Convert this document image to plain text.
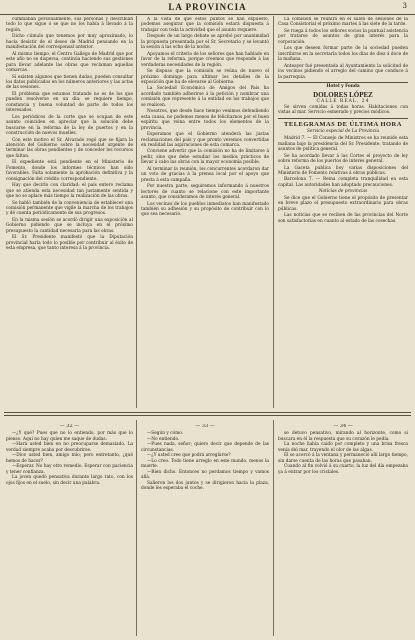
LA PROVINCIA	3

cumbiaban personalmente, sus personas y describían todo lo que sigue ó se que no los había á llevado á la región.

Dicho cúmulo que tenemos por muy aproximado, lo hacía desistir de el deseo de Madrid pensando en la manifestación del corresponsal anterior.

Al mismo tiempo, el Centro Gallego de Madrid que por este año no se dispersa, continúa haciendo sus gestiones para llevar adelante las obras que reclaman aquellas comarcas.

Si existen algunos que tienen dudas, pueden consultar los datos publicados en los números anteriores y las actas de las sesiones.

El problema que estamos tratando no es de los que pueden resolverse en un día; se requiere tiempo, constancia y buena voluntad de parte de todos los interesados.

Los periódicos de la corte que se ocupan de este asunto coinciden en apreciar que la solución debe buscarse en la reforma de la ley de puertos y en la construcción de nuevos muelles.

Con este motivo el Sr. Alvarado rogó que se fijara la atención del Gobierno sobre la necesidad urgente de terminar las obras pendientes y de conceder los recursos que faltan.

El expediente está pendiente en el Ministerio de Fomento, donde los informes técnicos han sido favorables. Falta solamente la aprobación definitiva y la consignación del crédito correspondiente.

Hay que decirlo con claridad: el país entero reclama que se atienda esta necesidad tan justamente sentida y que no se aplace más tiempo la realización de las obras.

Se habló también de la conveniencia de establecer una comisión permanente que vigile la marcha de los trabajos y dé cuenta periódicamente de sus progresos.

En la misma sesión se acordó dirigir una exposición al Gobierno pidiendo que se incluya en el próximo presupuesto la cantidad necesaria para las obras.

El Sr. Presidente manifestó que la Diputación provincial haría todo lo posible por contribuir al éxito de esta empresa, que tanto interesa á la provincia.

Á la vista de que estos puntos se han expuesto, podemos asegurar que la comisión estará dispuesta á trabajar con toda la actividad que el asunto requiere.

Después de un largo debate se aprobó por unanimidad la propuesta presentada por el Sr. Secretario y se levantó la sesión á las ocho de la noche.

Apoyamos el criterio de los señores que han hablado en favor de la reforma, porque creemos que responde á las verdaderas necesidades de la región.

Se dispuso que la comisión se reúna de nuevo el próximo domingo para ultimar los detalles de la exposición que ha de elevarse al Gobierno.

La Sociedad Económica de Amigos del País ha acordado también adherirse á la petición y nombrar una comisión que represente á la entidad en los trabajos que se realicen.

Nosotros, que desde hace tiempo venimos defendiendo esta causa, no podemos menos de felicitarnos por el buen espíritu que reina entre todos los elementos de la provincia.

Esperamos que el Gobierno atenderá las justas reclamaciones del país y que pronto veremos convertidas en realidad las aspiraciones de esta comarca.

Conviene advertir que la comisión no ha de limitarse á pedir, sino que debe estudiar los medios prácticos de llevar á cabo las obras con la mayor economía posible.

Al terminar la reunión, los concurrentes acordaron dar un voto de gracias á la prensa local por el apoyo que presta á esta campaña.

Por nuestra parte, seguiremos informando á nuestros lectores de cuanto se relacione con este importante asunto, que consideramos de interés general.

Los vecinos de los pueblos inmediatos han manifestado también su adhesión y su propósito de contribuir con lo que sea necesario.

La comisión se reunirá en el salón de sesiones de la Casa Consistorial el próximo martes á las siete de la tarde.

Se ruega á todos los señores socios la puntual asistencia por tratarse de asuntos de gran interés para la corporación.

Los que deseen formar parte de la sociedad pueden inscribirse en la secretaría todos los días de diez á doce de la mañana.

Anteayer fué presentada al Ayuntamiento la solicitud de los vecinos pidiendo el arreglo del camino que conduce á la parroquia.

Hotel y Fonda
DOLORES LÓPEZ
CALLE REAL, 24

Se sirven comidas á todas horas. Habitaciones con vistas al mar. Servicio esmerado y precios módicos.

TELEGRAMAS DE ÚLTIMA HORA
Servicio especial de La Provincia

Madrid 7. — El Consejo de Ministros se ha reunido esta mañana bajo la presidencia del Sr. Presidente, tratando de asuntos de política general.

Se ha acordado llevar á las Cortes el proyecto de ley sobre reforma de los puertos de interés general.

La Gaceta publica hoy varias disposiciones del Ministerio de Fomento relativas á obras públicas.

Barcelona 7. — Reina completa tranquilidad en esta capital. Las autoridades han adoptado precauciones.

Noticias de provincias

Se dice que el Gobierno tiene el propósito de presentar en breve plazo el presupuesto extraordinario para obras públicas.

Las noticias que se reciben de las provincias del Norte son satisfactorias en cuanto al estado de las cosechas.

— 32 —

—¿Y qué? Pues que no lo entiendo, por más que lo pienso. Aquí no hay quien me saque de dudas.

—Hará usted bien en no preocuparse demasiado. La verdad siempre acaba por descubrirse.

—Dice usted bien, amigo mío; pero entretanto, ¿qué hemos de hacer?

—Esperar. No hay otro remedio. Esperar con paciencia y tener confianza.

La joven quedó pensativa durante largo rato, con los ojos fijos en el suelo, sin decir una palabra.

— 33 —

—Según y cómo.

—No entiendo.

—Pues nada, señor; quiero decir que depende de las circunstancias.

—¿Y usted cree que podrá arreglarse?

—Lo creo. Todo tiene arreglo en este mundo, menos la muerte.

—Bien dicho. Entonces no perdamos tiempo y vamos allá.

Salieron los dos juntos y se dirigieron hacia la plaza, donde les esperaba el coche.

— 34 —

se detuvo pensativo, mirando al horizonte, como si buscara en él la respuesta que su corazón le pedía.

La noche había caído por completo y una brisa fresca venía del mar, trayendo el olor de las algas.

Él se acercó á la ventana y permaneció allí largo tiempo, sin darse cuenta de las horas que pasaban.

Cuando al fin volvió á su cuarto, la luz del día empezaba ya á entrar por los cristales.
